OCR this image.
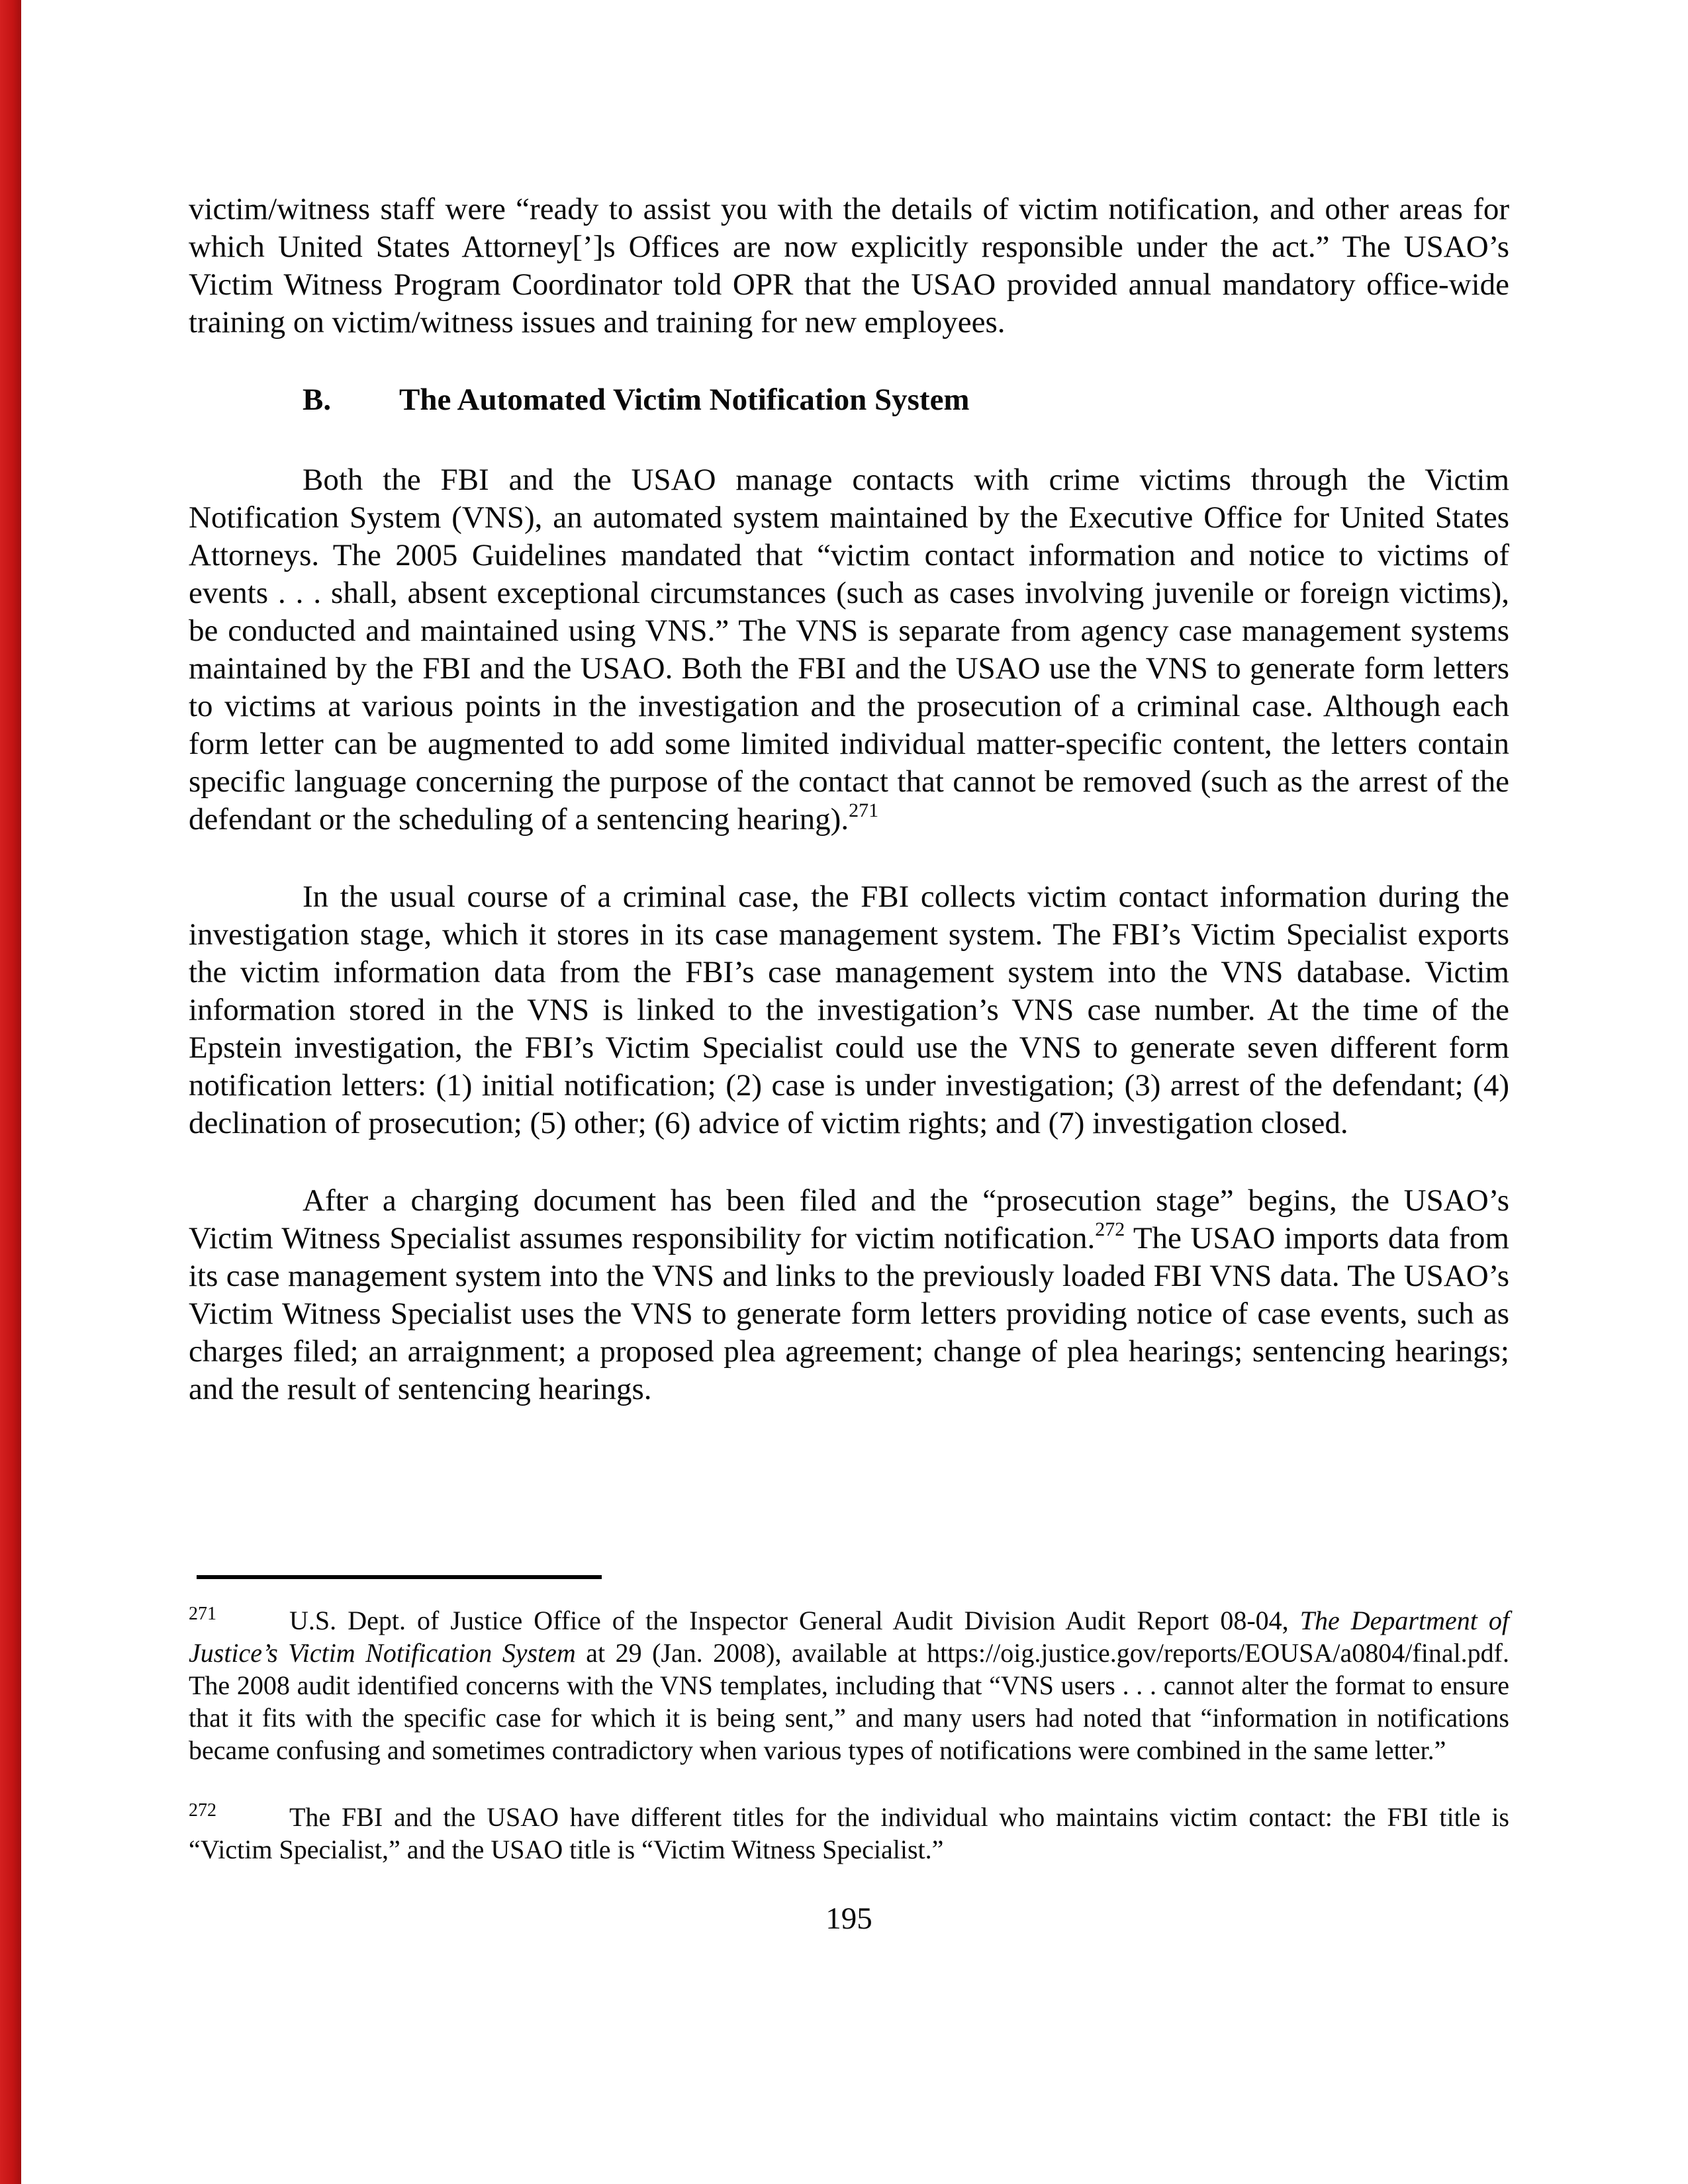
victim/witness staff were “ready to assist you with the details of victim notification, and other areas for which United States Attorney[’]s Offices are now explicitly responsible under the act.” The USAO’s Victim Witness Program Coordinator told OPR that the USAO provided annual mandatory office-wide training on victim/witness issues and training for new employees.

B.	The Automated Victim Notification System

Both the FBI and the USAO manage contacts with crime victims through the Victim Notification System (VNS), an automated system maintained by the Executive Office for United States Attorneys. The 2005 Guidelines mandated that “victim contact information and notice to victims of events . . . shall, absent exceptional circumstances (such as cases involving juvenile or foreign victims), be conducted and maintained using VNS.” The VNS is separate from agency case management systems maintained by the FBI and the USAO. Both the FBI and the USAO use the VNS to generate form letters to victims at various points in the investigation and the prosecution of a criminal case. Although each form letter can be augmented to add some limited individual matter-specific content, the letters contain specific language concerning the purpose of the contact that cannot be removed (such as the arrest of the defendant or the scheduling of a sentencing hearing).$^{271}$

In the usual course of a criminal case, the FBI collects victim contact information during the investigation stage, which it stores in its case management system. The FBI’s Victim Specialist exports the victim information data from the FBI’s case management system into the VNS database. Victim information stored in the VNS is linked to the investigation’s VNS case number. At the time of the Epstein investigation, the FBI’s Victim Specialist could use the VNS to generate seven different form notification letters: (1) initial notification; (2) case is under investigation; (3) arrest of the defendant; (4) declination of prosecution; (5) other; (6) advice of victim rights; and (7) investigation closed.

After a charging document has been filed and the “prosecution stage” begins, the USAO’s Victim Witness Specialist assumes responsibility for victim notification.$^{272}$ The USAO imports data from its case management system into the VNS and links to the previously loaded FBI VNS data. The USAO’s Victim Witness Specialist uses the VNS to generate form letters providing notice of case events, such as charges filed; an arraignment; a proposed plea agreement; change of plea hearings; sentencing hearings; and the result of sentencing hearings.

$^{271}$	U.S. Dept. of Justice Office of the Inspector General Audit Division Audit Report 08-04, The Department of Justice’s Victim Notification System at 29 (Jan. 2008), available at https://oig.justice.gov/reports/EOUSA/a0804/final.pdf. The 2008 audit identified concerns with the VNS templates, including that “VNS users . . . cannot alter the format to ensure that it fits with the specific case for which it is being sent,” and many users had noted that “information in notifications became confusing and sometimes contradictory when various types of notifications were combined in the same letter.”

$^{272}$	The FBI and the USAO have different titles for the individual who maintains victim contact: the FBI title is “Victim Specialist,” and the USAO title is “Victim Witness Specialist.”

195
